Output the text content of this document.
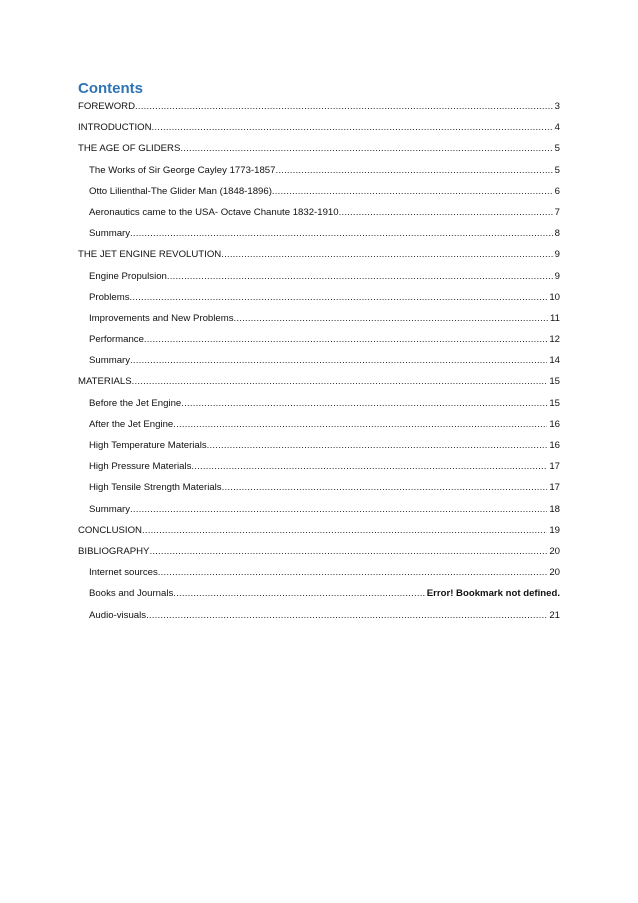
Contents
FOREWORD .....	3
INTRODUCTION .....	4
THE AGE OF GLIDERS .....	5
The Works of Sir George Cayley 1773-1857 .....	5
Otto Lilienthal-The Glider Man (1848-1896) .....	6
Aeronautics came to the USA- Octave Chanute 1832-1910 .....	7
Summary .....	8
THE JET ENGINE REVOLUTION .....	9
Engine Propulsion .....	9
Problems .....	10
Improvements and New Problems .....	11
Performance .....	12
Summary .....	14
MATERIALS .....	15
Before the Jet Engine .....	15
After the Jet Engine .....	16
High Temperature Materials .....	16
High Pressure Materials .....	17
High Tensile Strength Materials .....	17
Summary .....	18
CONCLUSION .....	19
BIBLIOGRAPHY .....	20
Internet sources .....	20
Books and Journals .....	Error! Bookmark not defined.
Audio-visuals .....	21
